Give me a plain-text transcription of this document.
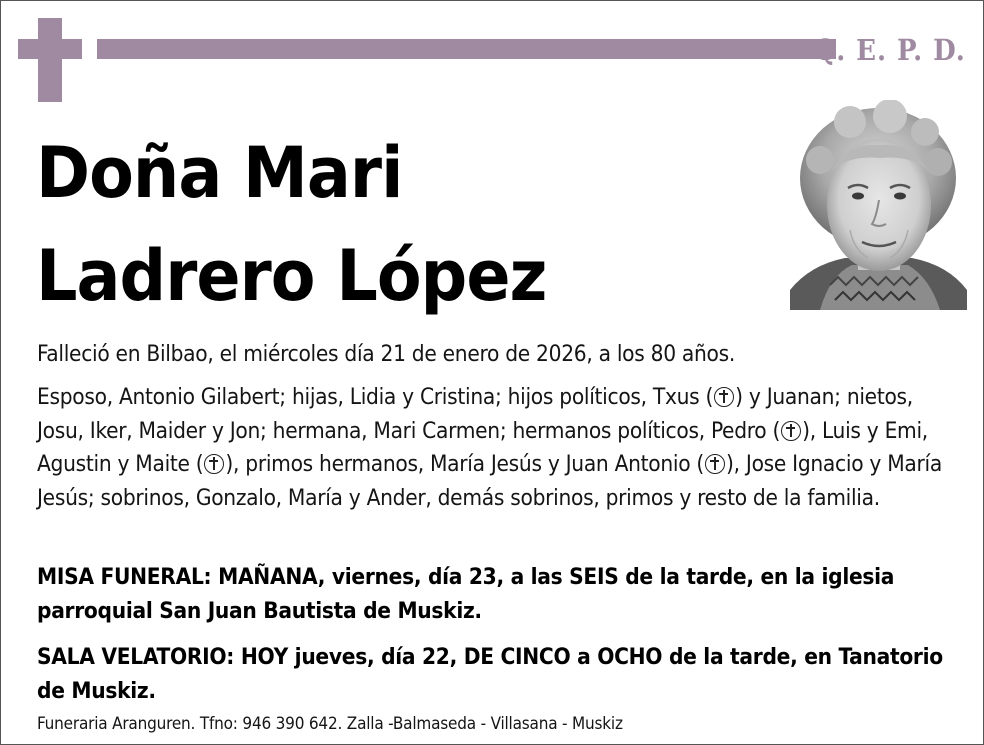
Q. E. P. D.
Doña Mari
Ladrero López
Falleció en Bilbao, el miércoles día 21 de enero de 2026, a los 80 años.
Esposo, Antonio Gilabert; hijas, Lidia y Cristina; hijos políticos, Txus ( ) y Juanan; nietos, Josu, Iker, Maider y Jon; hermana, Mari Carmen; hermanos políticos, Pedro ( ), Luis y Emi, Agustin y Maite ( ), primos hermanos, María Jesús y Juan Antonio ( ), Jose Ignacio y María Jesús; sobrinos, Gonzalo, María y Ander, demás sobrinos, primos y resto de la familia.
MISA FUNERAL: MAÑANA, viernes, día 23, a las SEIS de la tarde, en la iglesia parroquial San Juan Bautista de Muskiz.
SALA VELATORIO: HOY jueves, día 22, DE CINCO a OCHO de la tarde, en Tanatorio de Muskiz.
Funeraria Aranguren. Tfno: 946 390 642. Zalla -Balmaseda - Villasana - Muskiz
